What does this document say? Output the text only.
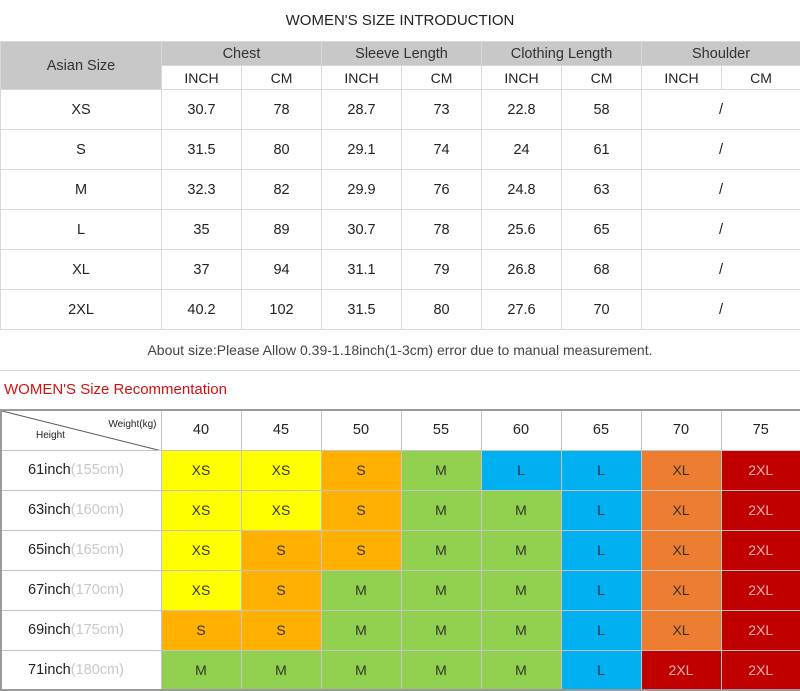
WOMEN'S SIZE INTRODUCTION
Asian Size	Chest		Sleeve Length		Clothing Length		Shoulder	
	INCH	CM	INCH	CM	INCH	CM	INCH	CM
XS	30.7	78	28.7	73	22.8	58	/	
S	31.5	80	29.1	74	24	61	/	
M	32.3	82	29.9	76	24.8	63	/	
L	35	89	30.7	78	25.6	65	/	
XL	37	94	31.1	79	26.8	68	/	
2XL	40.2	102	31.5	80	27.6	70	/	
About size:Please Allow 0.39-1.18inch(1-3cm) error due to manual measurement.
WOMEN'S Size Recommentation
Weight(kg)
Height	40	45	50	55	60	65	70	75
61inch(155cm)	XS	XS	S	M	L	L	XL	2XL
63inch(160cm)	XS	XS	S	M	M	L	XL	2XL
65inch(165cm)	XS	S	S	M	M	L	XL	2XL
67inch(170cm)	XS	S	M	M	M	L	XL	2XL
69inch(175cm)	S	S	M	M	M	L	XL	2XL
71inch(180cm)	M	M	M	M	M	L	2XL	2XL
